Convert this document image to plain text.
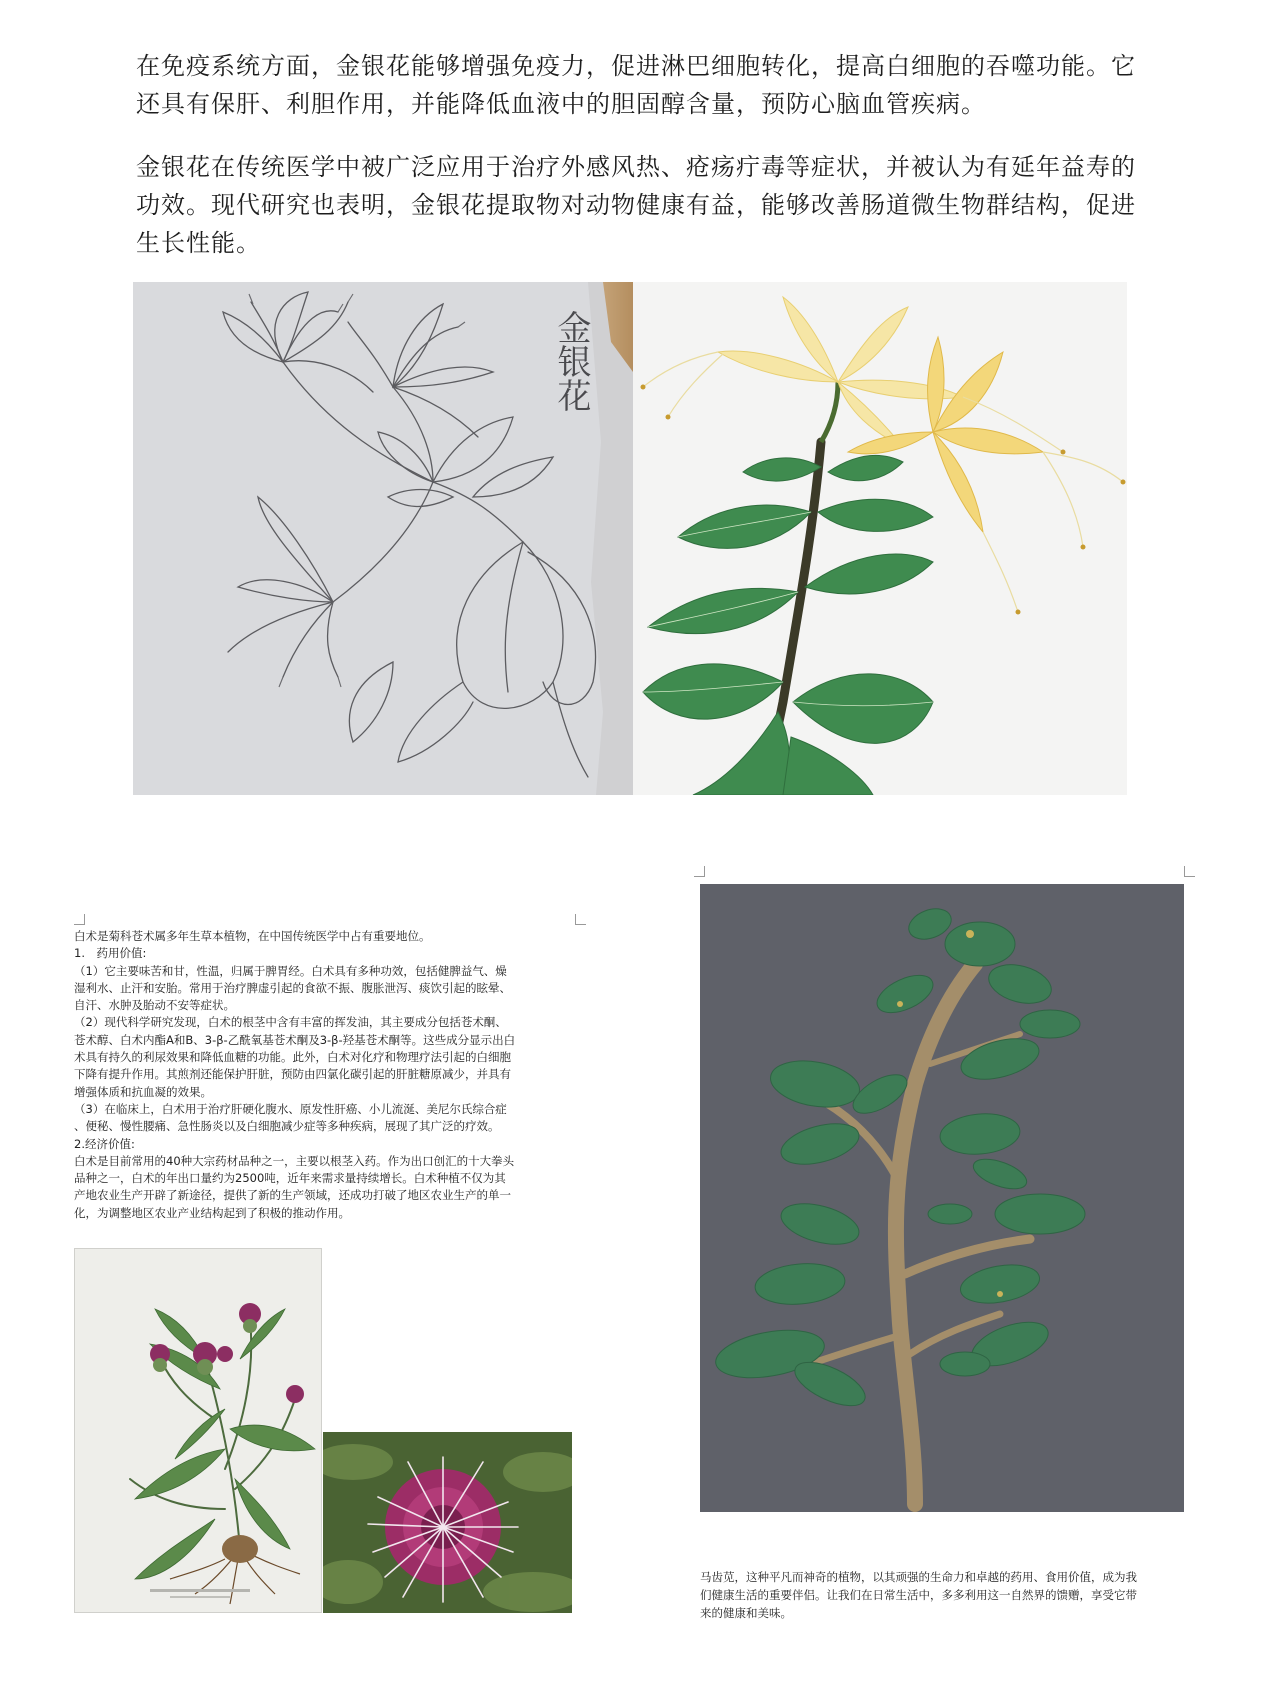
在免疫系统方面，金银花能够增强免疫力，促进淋巴细胞转化，提高白细胞的吞噬功能。它还具有保肝、利胆作用，并能降低血液中的胆固醇含量，预防心脑血管疾病。
金银花在传统医学中被广泛应用于治疗外感风热、疮疡疔毒等症状，并被认为有延年益寿的功效。现代研究也表明，金银花提取物对动物健康有益，能够改善肠道微生物群结构，促进生长性能。
金银花
白术是菊科苍术属多年生草本植物，在中国传统医学中占有重要地位。
1.　药用价值:
（1）它主要味苦和甘，性温，归属于脾胃经。白术具有多种功效，包括健脾益气、燥
湿利水、止汗和安胎。常用于治疗脾虚引起的食欲不振、腹胀泄泻、痰饮引起的眩晕、
自汗、水肿及胎动不安等症状。
（2）现代科学研究发现，白术的根茎中含有丰富的挥发油，其主要成分包括苍术酮、
苍术醇、白术内酯A和B、3-β-乙酰氧基苍术酮及3-β-羟基苍术酮等。这些成分显示出白
术具有持久的利尿效果和降低血糖的功能。此外，白术对化疗和物理疗法引起的白细胞
下降有提升作用。其煎剂还能保护肝脏，预防由四氯化碳引起的肝脏糖原减少，并具有
增强体质和抗血凝的效果。
（3）在临床上，白术用于治疗肝硬化腹水、原发性肝癌、小儿流涎、美尼尔氏综合症
、便秘、慢性腰痛、急性肠炎以及白细胞减少症等多种疾病，展现了其广泛的疗效。
2.经济价值:
白术是目前常用的40种大宗药材品种之一，主要以根茎入药。作为出口创汇的十大拳头
品种之一，白术的年出口量约为2500吨，近年来需求量持续增长。白术种植不仅为其
产地农业生产开辟了新途径，提供了新的生产领域，还成功打破了地区农业生产的单一
化，为调整地区农业产业结构起到了积极的推动作用。
马齿苋，这种平凡而神奇的植物，以其顽强的生命力和卓越的药用、食用价值，成为我
们健康生活的重要伴侣。让我们在日常生活中，多多利用这一自然界的馈赠，享受它带
来的健康和美味。
